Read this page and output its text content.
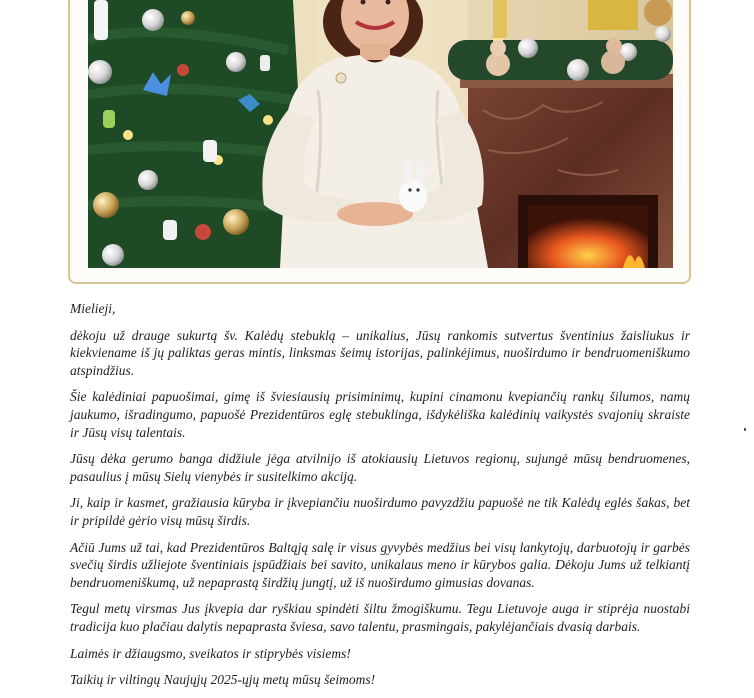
Mielieji,

dėkoju už drauge sukurtą šv. Kalėdų stebuklą – unikalius, Jūsų rankomis sutvertus šventinius žaisliukus ir kiekviename iš jų paliktas geras mintis, linksmas šeimų istorijas, palinkėjimus, nuoširdumo ir bendruomeniškumo atspindžius.

Šie kalėdiniai papuošimai, gimę iš šviesiausių prisiminimų, kupini cinamonu kvepiančių rankų šilumos, namų jaukumo, išradingumo, papuošė Prezidentūros eglę stebuklinga, išdykėliška kalėdinių vaikystės svajonių skraiste ir Jūsų visų talentais.

Jūsų dėka gerumo banga didžiule jėga atvilnijo iš atokiausių Lietuvos regionų, sujungė mūsų bendruomenes, pasaulius į mūsų Sielų vienybės ir susitelkimo akciją.

Ji, kaip ir kasmet, gražiausia kūryba ir įkvepiančiu nuoširdumo pavyzdžiu papuošė ne tik Kalėdų eglės šakas, bet ir pripildė gėrio visų mūsų širdis.

Ačiū Jums už tai, kad Prezidentūros Baltąją salę ir visus gyvybės medžius bei visų lankytojų, darbuotojų ir garbės svečių širdis užliejote šventiniais įspūdžiais bei savito, unikalaus meno ir kūrybos galia. Dėkoju Jums už telkiantį bendruomeniškumą, už nepaprastą širdžių jungtį, už iš nuoširdumo gimusias dovanas.

Tegul metų virsmas Jus įkvepia dar ryškiau spindėti šiltu žmogiškumu. Tegu Lietuvoje auga ir stiprėja nuostabi tradicija kuo plačiau dalytis nepaprasta šviesa, savo talentu, prasmingais, pakylėjančiais dvasią darbais.

Laimės ir džiaugsmo, sveikatos ir stiprybės visiems!

Taikių ir viltingų Naujųjų 2025-ųjų metų mūsų šeimoms!
